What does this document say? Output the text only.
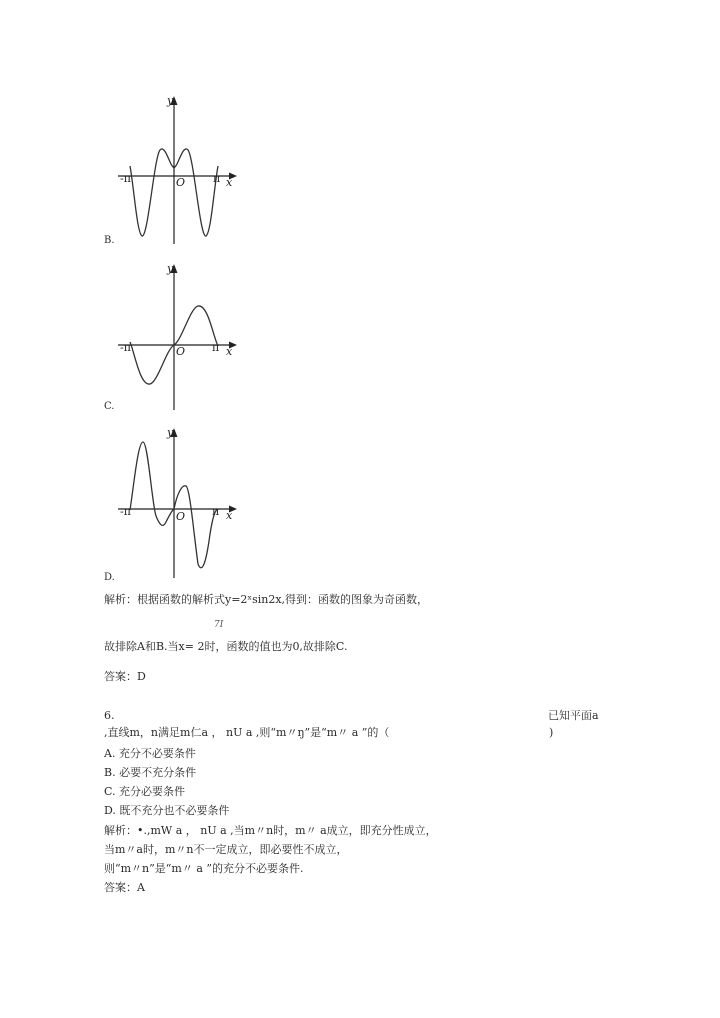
y
x
O
-π	π
B.
y
x
O
-π	π
C.
y
x
O
-π	π
D.
解析：根据函数的解析式y=2ˣsin2x,得到：函数的图象为奇函数，
7I
故排除A和B.当x= 2时，函数的值也为0,故排除C.
答案：D
6.	已知平面a
,直线m，n满足m仁a ， nU a ,则“m〃ŋ”是“m〃 a ”的（	)
A. 充分不必要条件
B. 必要不充分条件
C. 充分必要条件
D. 既不充分也不必要条件
解析：•.,mW a ， nU a ,当m〃n时，m〃 a成立，即充分性成立，
当m〃a时，m〃n不一定成立，即必要性不成立，
则“m〃n”是“m〃 a ”的充分不必要条件.
答案：A
